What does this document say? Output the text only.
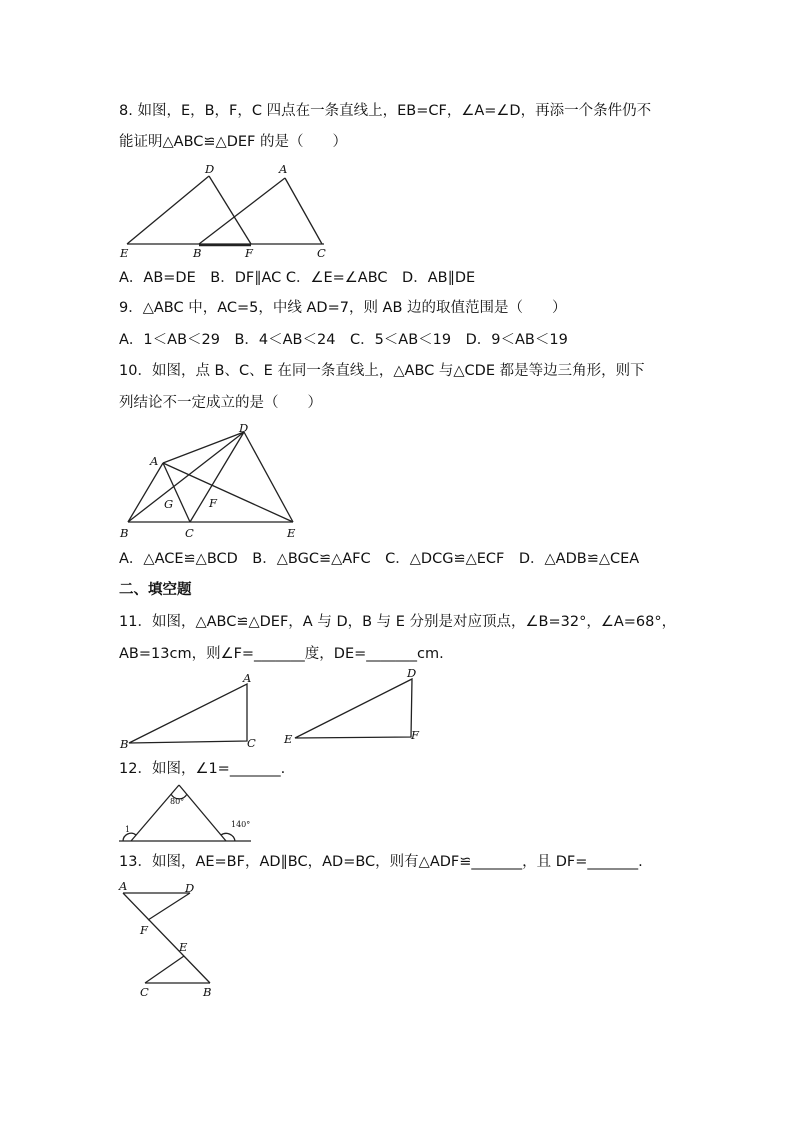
8. 如图，E，B，F，C 四点在一条直线上，EB=CF，∠A=∠D，再添一个条件仍不
能证明△ABC≌△DEF 的是（　　）
D	A
E	B	F	C
A．AB=DE　B．DF∥AC C．∠E=∠ABC　D．AB∥DE
9．△ABC 中，AC=5，中线 AD=7，则 AB 边的取值范围是（　　）
A．1＜AB＜29　B．4＜AB＜24　C．5＜AB＜19　D．9＜AB＜19
10．如图，点 B、C、E 在同一条直线上，△ABC 与△CDE 都是等边三角形，则下
列结论不一定成立的是（　　）
D
A
G	F
B	C	E
A．△ACE≌△BCD　B．△BGC≌△AFC　C．△DCG≌△ECF　D．△ADB≌△CEA
二、填空题
11．如图，△ABC≌△DEF，A 与 D，B 与 E 分别是对应顶点，∠B=32°，∠A=68°，
AB=13cm，则∠F=_______度，DE=_______cm.
A
B	C
D
E	F
12．如图，∠1=_______.
80°
140°
1
13．如图，AE=BF，AD∥BC，AD=BC，则有△ADF≌_______，且 DF=_______.
A	D
F
E
C	B
